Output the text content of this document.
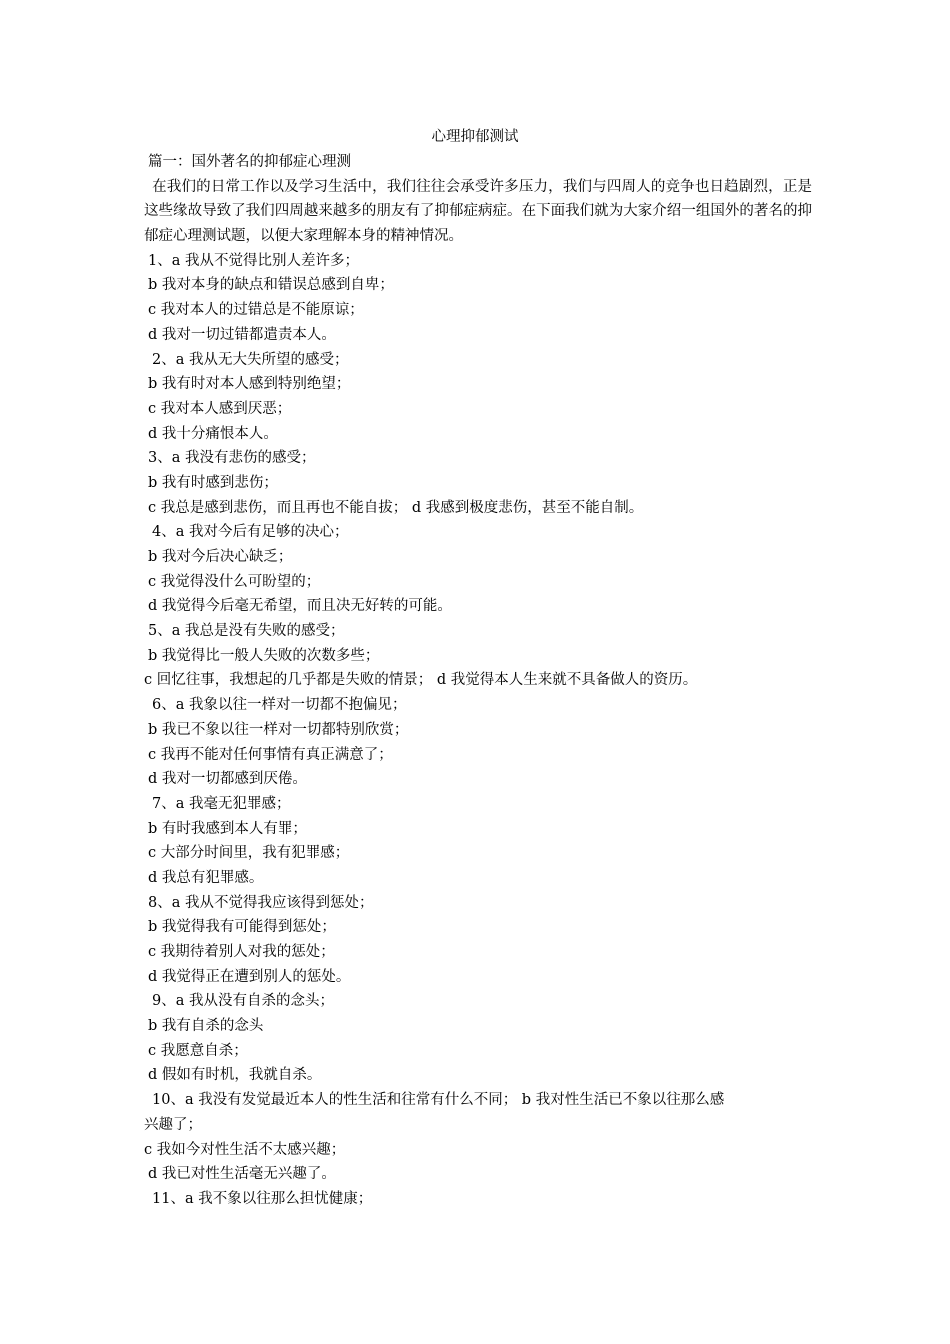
心理抑郁测试
篇一：国外著名的抑郁症心理测
在我们的日常工作以及学习生活中，我们往往会承受许多压力，我们与四周人的竞争也日趋剧烈，正是这些缘故导致了我们四周越来越多的朋友有了抑郁症病症。在下面我们就为大家介绍一组国外的著名的抑郁症心理测试题，以便大家理解本身的精神情况。
1、a 我从不觉得比别人差许多；
b 我对本身的缺点和错误总感到自卑；
c 我对本人的过错总是不能原谅；
d 我对一切过错都遣责本人。
2、a 我从无大失所望的感受；
b 我有时对本人感到特别绝望；
c 我对本人感到厌恶；
d 我十分痛恨本人。
3、a 我没有悲伤的感受；
b 我有时感到悲伤；
c 我总是感到悲伤，而且再也不能自拔； d 我感到极度悲伤，甚至不能自制。
4、a 我对今后有足够的决心；
b 我对今后决心缺乏；
c 我觉得没什么可盼望的；
d 我觉得今后毫无希望，而且决无好转的可能。
5、a 我总是没有失败的感受；
b 我觉得比一般人失败的次数多些；
c 回忆往事，我想起的几乎都是失败的情景； d 我觉得本人生来就不具备做人的资历。
6、a 我象以往一样对一切都不抱偏见；
b 我已不象以往一样对一切都特别欣赏；
c 我再不能对任何事情有真正满意了；
d 我对一切都感到厌倦。
7、a 我毫无犯罪感；
b 有时我感到本人有罪；
c 大部分时间里，我有犯罪感；
d 我总有犯罪感。
8、a 我从不觉得我应该得到惩处；
b 我觉得我有可能得到惩处；
c 我期待着别人对我的惩处；
d 我觉得正在遭到别人的惩处。
9、a 我从没有自杀的念头；
b 我有自杀的念头
c 我愿意自杀；
d 假如有时机，我就自杀。
10、a 我没有发觉最近本人的性生活和往常有什么不同； b 我对性生活已不象以往那么感
兴趣了；
c 我如今对性生活不太感兴趣；
d 我已对性生活毫无兴趣了。
11、a 我不象以往那么担忧健康；
